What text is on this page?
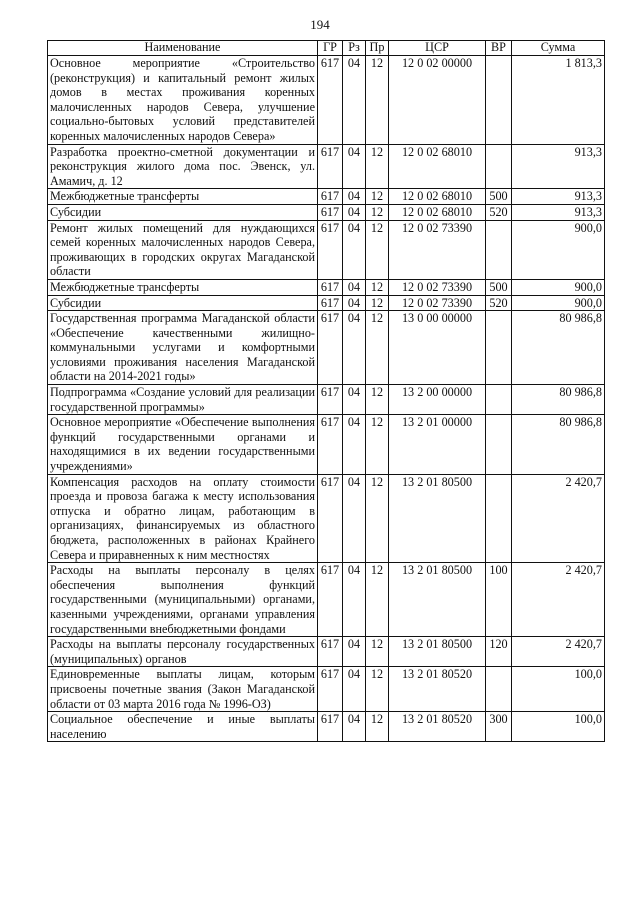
194
Наименование	ГР	Рз	Пр	ЦСР	ВР	Сумма
Основное мероприятие «Строительство (реконструкция) и капитальный ремонт жилых домов в местах проживания коренных малочисленных народов Севера, улучшение социально-бытовых условий представителей коренных малочисленных народов Севера»	617	04	12	12 0 02 00000		1 813,3
Разработка проектно-сметной документации и реконструкция жилого дома пос. Эвенск, ул. Амамич, д. 12	617	04	12	12 0 02 68010		913,3
Межбюджетные трансферты	617	04	12	12 0 02 68010	500	913,3
Субсидии	617	04	12	12 0 02 68010	520	913,3
Ремонт жилых помещений для нуждающихся семей коренных малочисленных народов Севера, проживающих в городских округах Магаданской области	617	04	12	12 0 02 73390		900,0
Межбюджетные трансферты	617	04	12	12 0 02 73390	500	900,0
Субсидии	617	04	12	12 0 02 73390	520	900,0
Государственная программа Магаданской области «Обеспечение качественными жилищно-коммунальными услугами и комфортными условиями проживания населения Магаданской области на 2014-2021 годы»	617	04	12	13 0 00 00000		80 986,8
Подпрограмма «Создание условий для реализации государственной программы»	617	04	12	13 2 00 00000		80 986,8
Основное мероприятие «Обеспечение выполнения функций государственными органами и находящимися в их ведении государственными учреждениями»	617	04	12	13 2 01 00000		80 986,8
Компенсация расходов на оплату стоимости проезда и провоза багажа к месту использования отпуска и обратно лицам, работающим в организациях, финансируемых из областного бюджета, расположенных в районах Крайнего Севера и приравненных к ним местностях	617	04	12	13 2 01 80500		2 420,7
Расходы на выплаты персоналу в целях обеспечения выполнения функций государственными (муниципальными) органами, казенными учреждениями, органами управления государственными внебюджетными фондами	617	04	12	13 2 01 80500	100	2 420,7
Расходы на выплаты персоналу государственных (муниципальных) органов	617	04	12	13 2 01 80500	120	2 420,7
Единовременные выплаты лицам, которым присвоены почетные звания (Закон Магаданской области от 03 марта 2016 года № 1996-ОЗ)	617	04	12	13 2 01 80520		100,0
Социальное обеспечение и иные выплаты населению	617	04	12	13 2 01 80520	300	100,0
